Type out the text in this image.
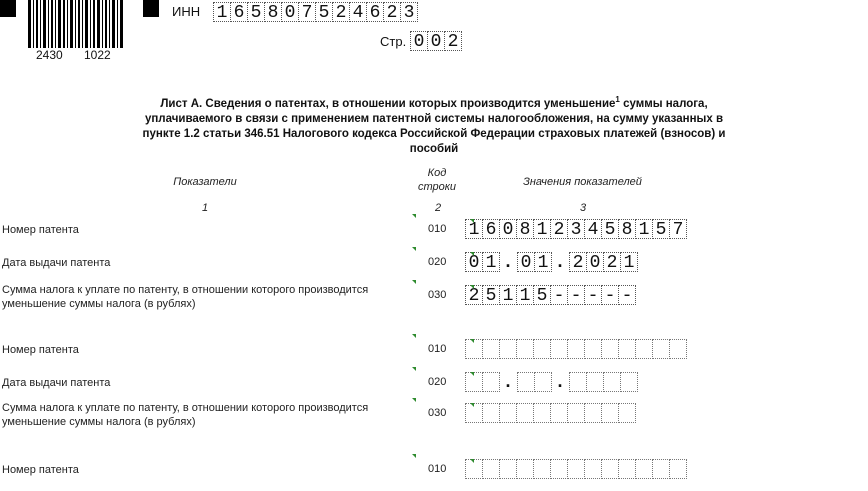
2430 1022
ИНН 1 6 5 8 0 7 5 2 4 6 2 3
Стр. 0 0 2
Лист А. Сведения о патентах, в отношении которых производится уменьшение$^1$ суммы налога,
уплачиваемого в связи с применением патентной системы налогообложения, на сумму указанных в
пункте 1.2 статьи 346.51 Налогового кодекса Российской Федерации страховых платежей (взносов) и
пособий
Показатели
Код
строки	Значения показателей
1	2	3
Номер патента	010 1 6 0 8 1 2 3 4 5 8 1 5 7
Дата выдачи патента	020 0 1 . 0 1 . 2 0 2 1
Сумма налога к уплате по патенту, в отношении которого производится
уменьшение суммы налога (в рублях)
030 2 5 1 1 5 - - - - -
Номер патента	010
Дата выдачи патента	020	.	.
Сумма налога к уплате по патенту, в отношении которого производится
уменьшение суммы налога (в рублях)
030
Номер патента	010
